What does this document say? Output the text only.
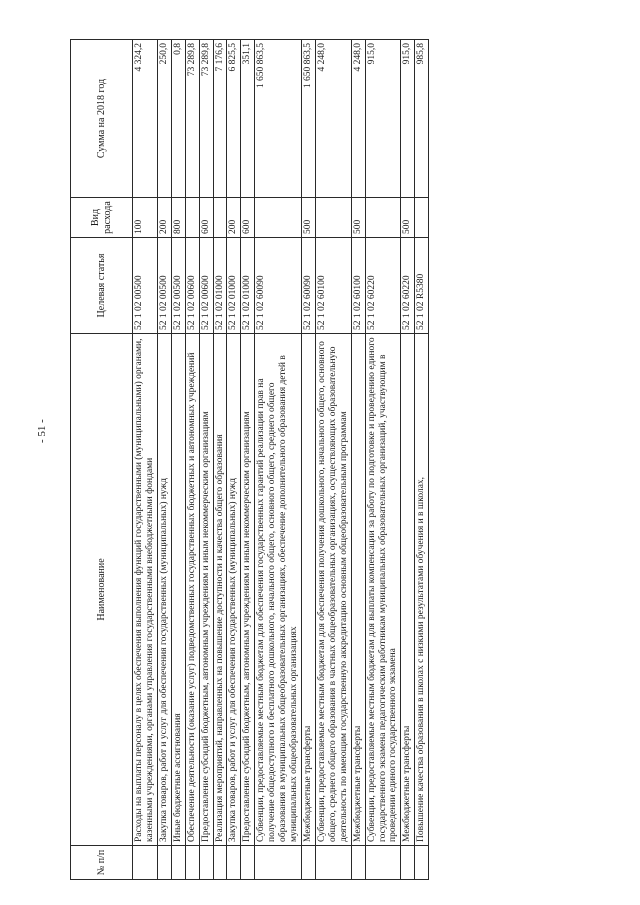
- 51 -
№ п/п	Наименование	Целевая статья	Вид расхода	Сумма на 2018 год
	Расходы на выплаты персоналу в целях обеспечения выполнения функций государственными (муниципальными) органами, казенными учреждениями, органами управления государственными внебюджетными фондами	52 1 02 00500	100	4 324,2
	Закупка товаров, работ и услуг для обеспечения государственных (муниципальных) нужд	52 1 02 00500	200	250,0
	Иные бюджетные ассигнования	52 1 02 00500	800	0,8
	Обеспечение деятельности (оказание услуг) подведомственных государственных бюджетных и автономных учреждений	52 1 02 00600		73 289,8
	Предоставление субсидий бюджетным, автономным учреждениям и иным некоммерческим организациям	52 1 02 00600	600	73 289,8
	Реализация мероприятий, направленных на повышение доступности и качества общего образования	52 1 02 01000		7 176,6
	Закупка товаров, работ и услуг для обеспечения государственных (муниципальных) нужд	52 1 02 01000	200	6 825,5
	Предоставление субсидий бюджетным, автономным учреждениям и иным некоммерческим организациям	52 1 02 01000	600	351,1
	Субвенции, предоставляемые местным бюджетам для обеспечения государственных гарантий реализации прав на получение общедоступного и бесплатного дошкольного, начального общего, основного общего, среднего общего образования в муниципальных общеобразовательных организациях, обеспечение дополнительного образования детей в муниципальных общеобразовательных организациях	52 1 02 60090		1 650 863,5
	Межбюджетные трансферты	52 1 02 60090	500	1 650 863,5
	Субвенции, предоставляемые местным бюджетам для обеспечения получения дошкольного, начального общего, основного общего, среднего общего образования в частных общеобразовательных организациях, осуществляющих образовательную деятельность по имеющим государственную аккредитацию основным общеобразовательным программам	52 1 02 60100		4 248,0
	Межбюджетные трансферты	52 1 02 60100	500	4 248,0
	Субвенции, предоставляемые местным бюджетам для выплаты компенсации за работу по подготовке и проведению единого государственного экзамена педагогическим работникам муниципальных образовательных организаций, участвующим в проведении единого государственного экзамена	52 1 02 60220		915,0
	Межбюджетные трансферты	52 1 02 60220	500	915,0
	Повышение качества образования в школах с низкими результатами обучения и в школах,	52 1 02 R5380		985,8
